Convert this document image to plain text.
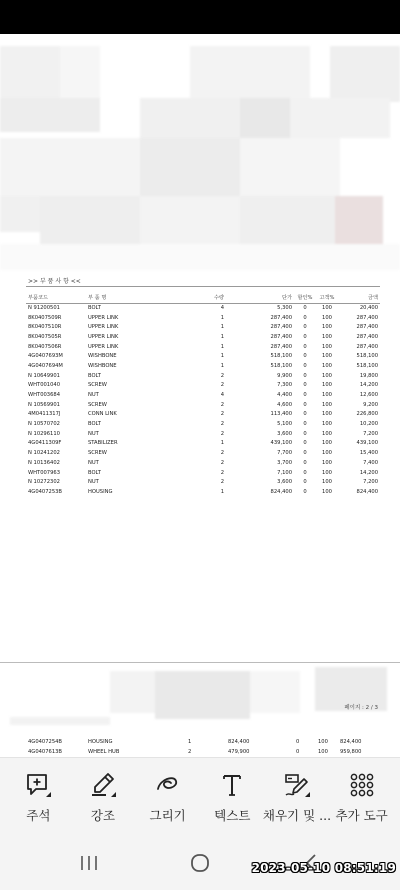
>> 부 품 사 항 <<
부품코드	부 품 명	수량	단가	할인%	고객%	금액
N 91200501	BOLT	4	5,300	0	100	20,400
8K0407509R	UPPER LINK	1	287,400	0	100	287,400
8K0407510R	UPPER LINK	1	287,400	0	100	287,400
8K0407505R	UPPER LINK	1	287,400	0	100	287,400
8K0407506R	UPPER LINK	1	287,400	0	100	287,400
4G0407693M	WISHBONE	1	518,100	0	100	518,100
4G0407694M	WISHBONE	1	518,100	0	100	518,100
N 10649901	BOLT	2	9,900	0	100	19,800
WHT001040	SCREW	2	7,300	0	100	14,200
WHT003684	NUT	4	4,400	0	100	12,600
N 10569901	SCREW	2	4,600	0	100	9,200
4M0411317J	CONN LINK	2	113,400	0	100	226,800
N 10570702	BOLT	2	5,100	0	100	10,200
N 10296110	NUT	2	3,600	0	100	7,200
4G0411309F	STABILIZER	1	439,100	0	100	439,100
N 10241202	SCREW	2	7,700	0	100	15,400
N 10136402	NUT	2	3,700	0	100	7,400
WHT007963	BOLT	2	7,100	0	100	14,200
N 10272302	NUT	2	3,600	0	100	7,200
4G0407253B	HOUSING	1	824,400	0	100	824,400
페이지 : 2 / 3
4G0407254B	HOUSING	1	824,400	0	100	824,400
4G0407613B	WHEEL HUB	2	479,900	0	100	959,800
주석	강조	그리기 텍스트 채우기 및 ... 추가 도구
2023-05-10 08:51:19
